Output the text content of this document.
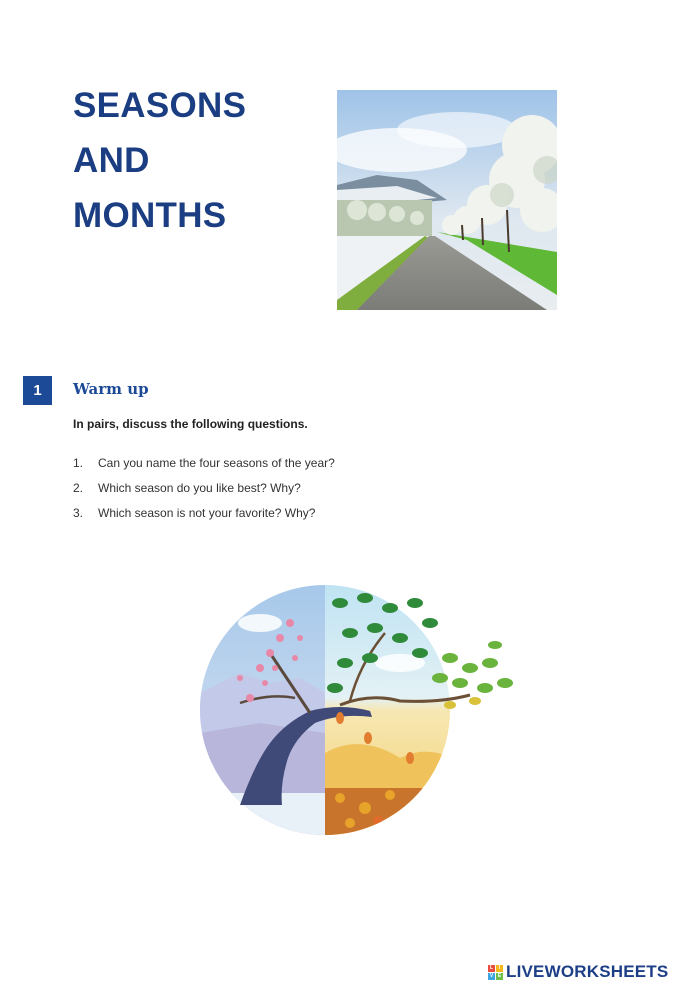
SEASONS
AND
MONTHS
1	Warm up
In pairs, discuss the following questions.
1.	Can you name the four seasons of the year?
2.	Which season do you like best? Why?
3.	Which season is not your favorite? Why?
L	I
V E LIVEWORKSHEETS
